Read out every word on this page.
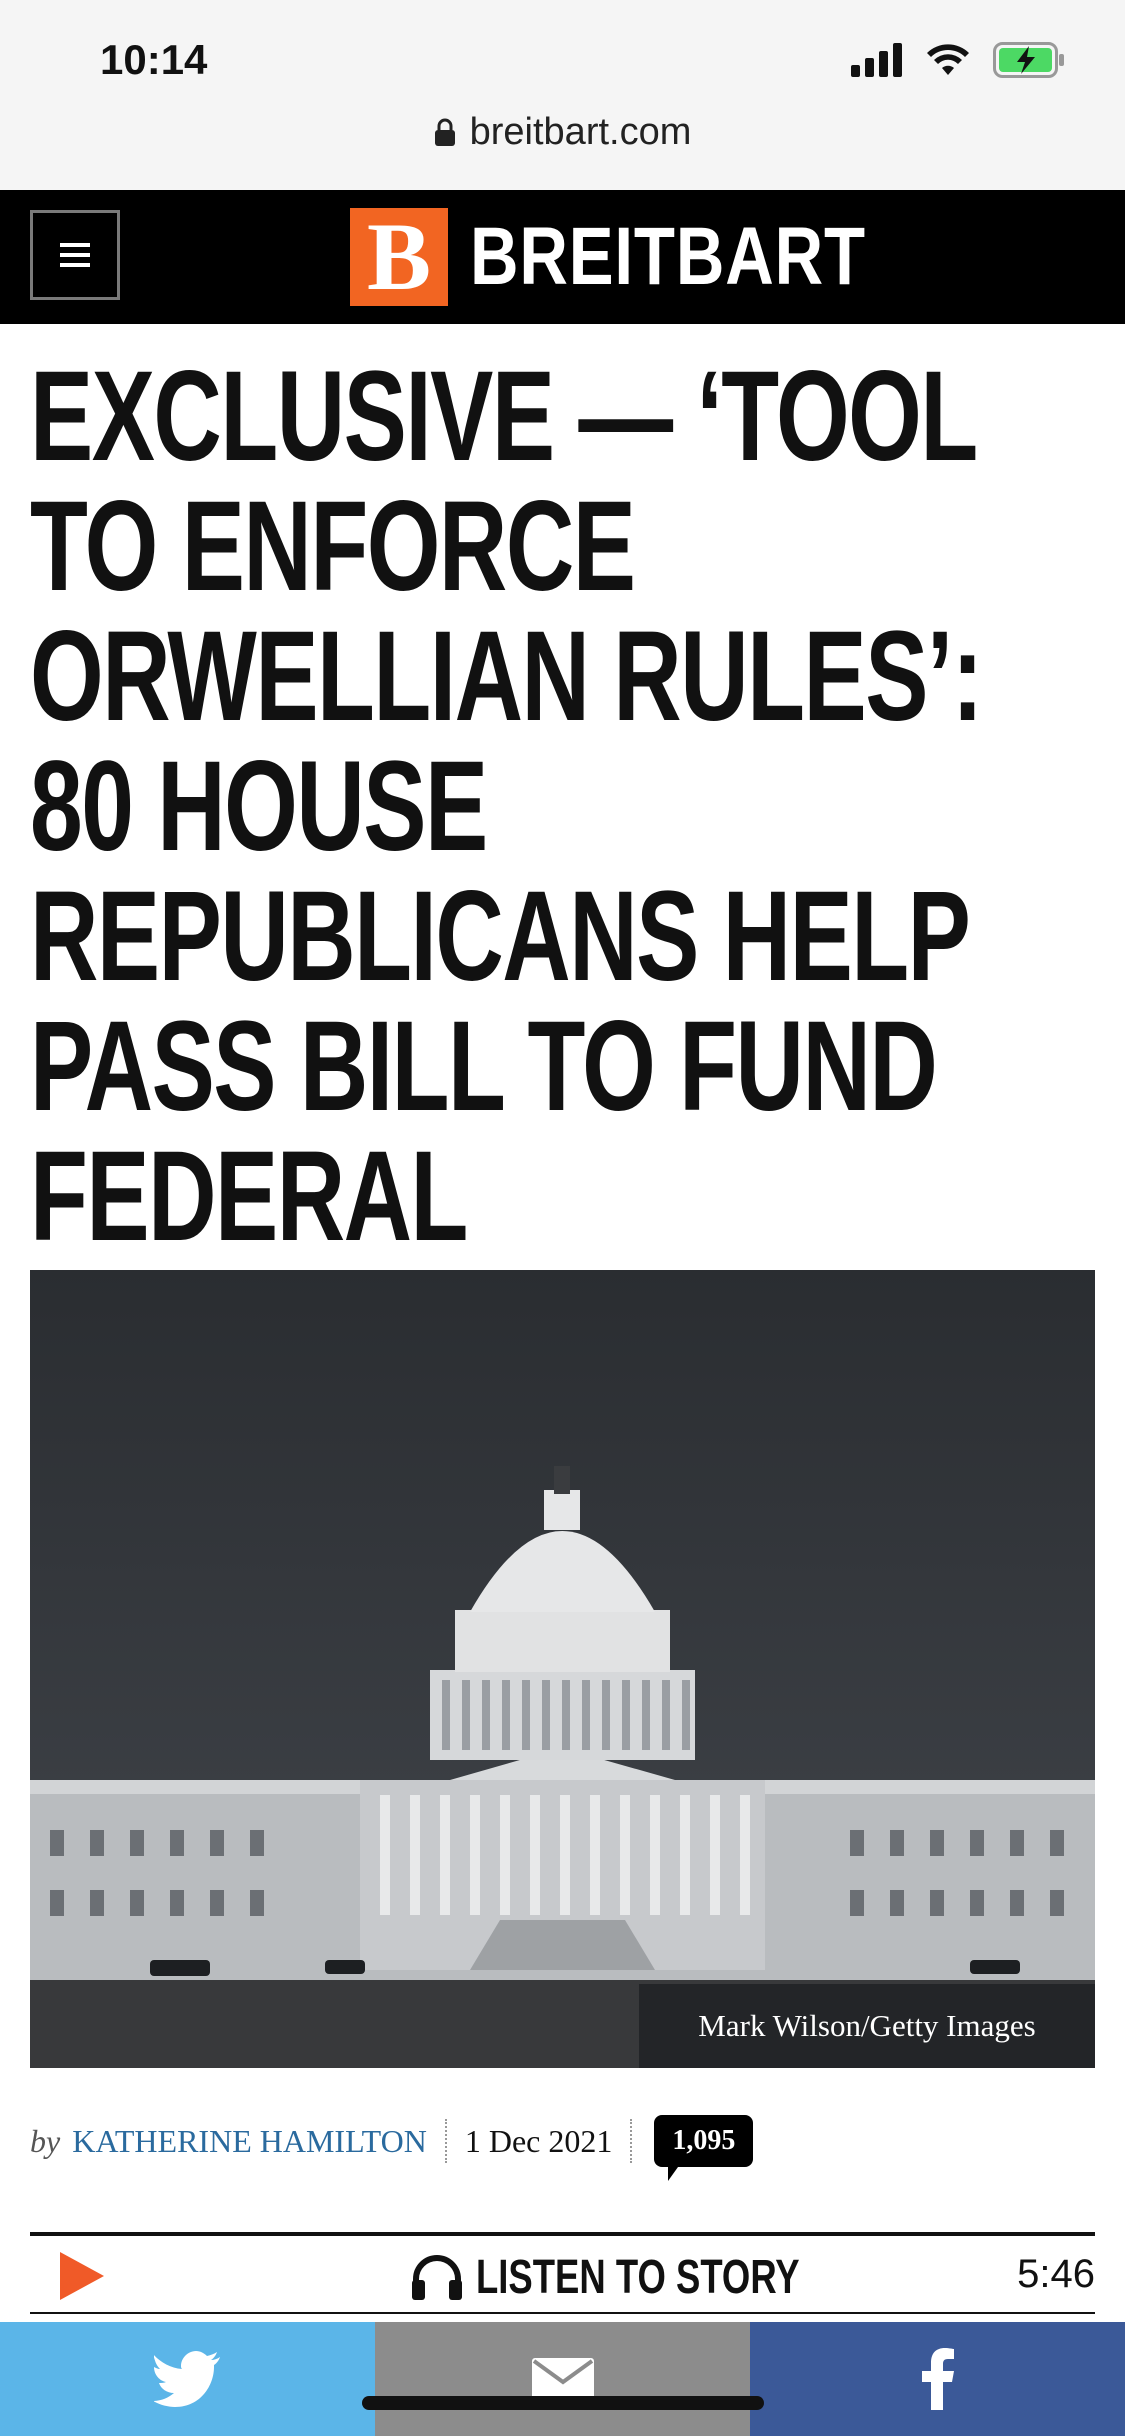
10:14
breitbart.com
B BREITBART
EXCLUSIVE — ‘TOOL TO ENFORCE ORWELLIAN RULES’: 80 HOUSE REPUBLICANS HELP PASS BILL TO FUND FEDERAL
Mark Wilson/Getty Images
by KATHERINE HAMILTON 1 Dec 2021	1,095
LISTEN TO STORY	5:46
